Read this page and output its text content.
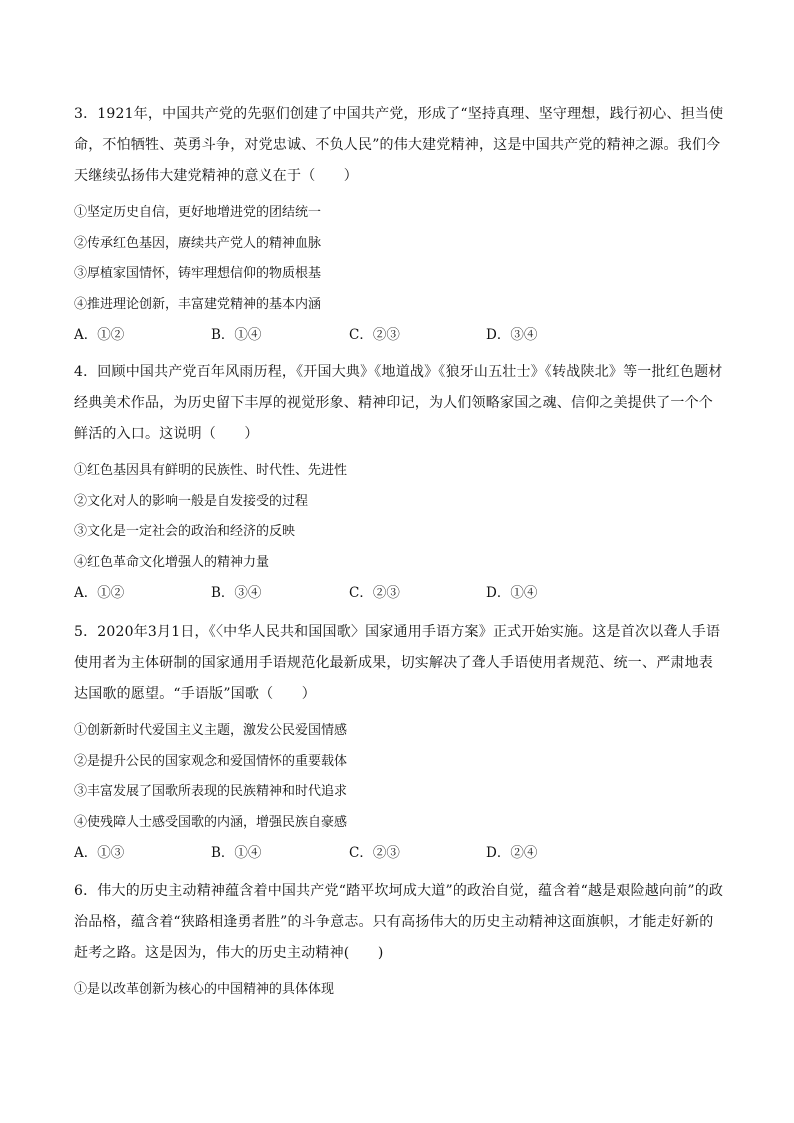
3．1921年，中国共产党的先驱们创建了中国共产党，形成了“坚持真理、坚守理想，践行初心、担当使命，不怕牺牲、英勇斗争，对党忠诚、不负人民”的伟大建党精神，这是中国共产党的精神之源。我们今天继续弘扬伟大建党精神的意义在于（　　）

①坚定历史自信，更好地增进党的团结统一

②传承红色基因，赓续共产党人的精神血脉

③厚植家国情怀，铸牢理想信仰的物质根基

④推进理论创新，丰富建党精神的基本内涵

A．①②	B．①④	C．②③	D．③④

4．回顾中国共产党百年风雨历程，《开国大典》《地道战》《狼牙山五壮士》《转战陕北》等一批红色题材经典美术作品，为历史留下丰厚的视觉形象、精神印记，为人们领略家国之魂、信仰之美提供了一个个鲜活的入口。这说明（　　）

①红色基因具有鲜明的民族性、时代性、先进性

②文化对人的影响一般是自发接受的过程

③文化是一定社会的政治和经济的反映

④红色革命文化增强人的精神力量

A．①②	B．③④	C．②③	D．①④

5．2020年3月1日，《〈中华人民共和国国歌〉国家通用手语方案》正式开始实施。这是首次以聋人手语使用者为主体研制的国家通用手语规范化最新成果，切实解决了聋人手语使用者规范、统一、严肃地表达国歌的愿望。“手语版”国歌（　　）

①创新新时代爱国主义主题，激发公民爱国情感

②是提升公民的国家观念和爱国情怀的重要载体

③丰富发展了国歌所表现的民族精神和时代追求

④使残障人士感受国歌的内涵，增强民族自豪感

A．①③	B．①④	C．②③	D．②④

6．伟大的历史主动精神蕴含着中国共产党“踏平坎坷成大道”的政治自觉，蕴含着“越是艰险越向前”的政治品格，蕴含着“狭路相逢勇者胜”的斗争意志。只有高扬伟大的历史主动精神这面旗帜，才能走好新的赶考之路。这是因为，伟大的历史主动精神(　　)

①是以改革创新为核心的中国精神的具体体现
